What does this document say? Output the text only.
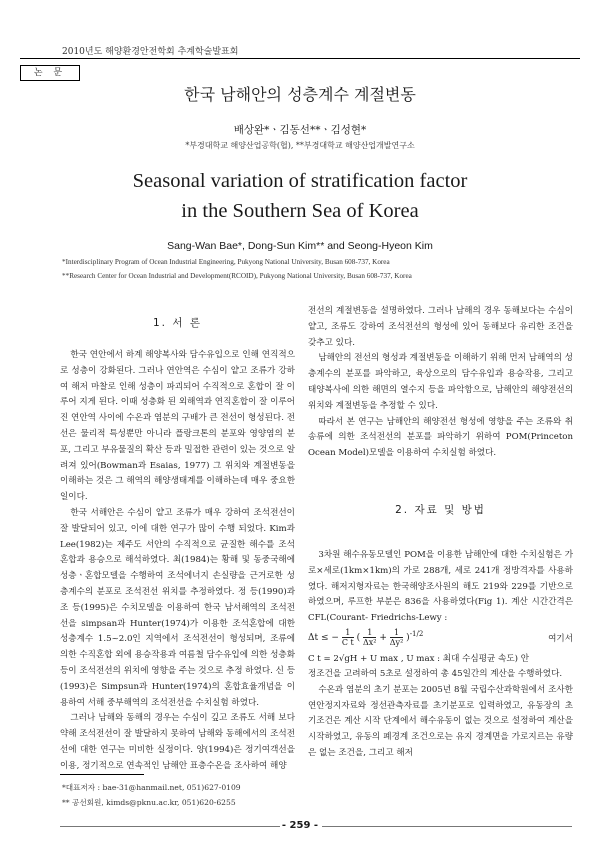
2010년도 해양환경안전학회 추계학술발표회
논 문
한국 남해안의 성층계수 계절변동
배상완*ㆍ김동선**ㆍ김성현*
*부경대학교 해양산업공학(협), **부경대학교 해양산업개발연구소
Seasonal variation of stratification factor
in the Southern Sea of Korea
Sang-Wan Bae*, Dong-Sun Kim** and Seong-Hyeon Kim
*Interdisciplinary Program of Ocean Industrial Engineering, Pukyong National University, Busan 608-737, Korea
**Research Center for Ocean Industrial and Development(RCOID), Pukyong National University, Busan 608-737, Korea
1. 서 론

한국 연안에서 하계 해양복사와 담수유입으로 인해 연직적으로 성층이 강화된다. 그러나 연안역은 수심이 얕고 조류가 강하여 해저 마찰로 인해 성층이 파괴되어 수직적으로 혼합이 잘 이루어 지게 된다. 이때 성층화 된 외해역과 연직혼합이 잘 이루어진 연안역 사이에 수온과 염분의 구배가 큰 전선이 형성된다. 전선은 물리적 특성뿐만 아니라 플랑크톤의 분포와 영양염의 분포, 그리고 부유물질의 확산 등과 밀접한 관련이 있는 것으로 알려져 있어(Bowman과 Esaias, 1977) 그 위치와 계절변동을 이해하는 것은 그 해역의 해양생태계를 이해하는데 매우 중요한 일이다.

한국 서해안은 수심이 얕고 조류가 매우 강하여 조석전선이 잘 발달되어 있고, 이에 대한 연구가 많이 수행 되었다. Kim과 Lee(1982)는 제주도 서안의 수직적으로 균질한 해수를 조석혼합과 용승으로 해석하였다. 최(1984)는 황해 및 동중국해에 성층ㆍ혼합모델을 수행하여 조석에너지 손실량을 근거로한 성층계수의 분포로 조석전선 위치를 추정하였다. 정 등(1990)과 조 등(1995)은 수치모델을 이용하여 한국 남서해역의 조석전선을 simpsan과 Hunter(1974)가 이용한 조석혼합에 대한 성층계수 1.5~2.0인 지역에서 조석전선이 형성되며, 조류에 의한 수직혼합 외에 용승작용과 여름철 담수유입에 의한 성층화 등이 조석전선의 위치에 영향을 주는 것으로 추정 하였다. 신 등(1993)은 Simpsun과 Hunter(1974)의 혼합효율개념을 이용하여 서해 중부해역의 조석전선을 수치실험 하였다.

그러나 남해와 동해의 경우는 수심이 깊고 조류도 서해 보다 약해 조석전선이 잘 발달하지 못하여 남해와 동해에서의 조석전선에 대한 연구는 미비한 실정이다. 양(1994)은 정기여객선을 이용, 정기적으로 연속적인 남해안 표층수온을 조사하여 해양

전선의 계절변동을 설명하였다. 그러나 남해의 경우 동해보다는 수심이 얕고, 조류도 강하여 조석전선의 형성에 있어 동해보다 유리한 조건을 갖추고 있다.

남해안의 전선의 형성과 계절변동을 이해하기 위해 먼저 남해역의 성층계수의 분포를 파악하고, 육상으로의 담수유입과 용승작용, 그리고 태양복사에 의한 해면의 열수지 등을 파악함으로, 남해안의 해양전선의 위치와 계절변동을 추정할 수 있다.

따라서 본 연구는 남해안의 해양전선 형성에 영향을 주는 조류와 취송류에 의한 조석전선의 분포를 파악하기 위하여 POM(Princeton Ocean Model)모델을 이용하여 수치실험 하였다.

2. 자료 및 방법

3차원 해수유동모델인 POM을 이용한 남해안에 대한 수치실험은 가로×세로(1km×1km)의 가로 288개, 세로 241개 정방격자를 사용하였다. 해저지형자료는 한국해양조사원의 해도 219와 229를 기반으로 하였으며, 루프한 부분은 836을 사용하였다(Fig 1). 계산 시간간격은 CFL(Courant- Friedrichs-Lewy :

Δt ≤ − $\frac{1}{\text{C t}}$ ( $\frac{1}{\text{Δx²}} + \frac{1}{\text{Δy²}} )^{-1/2}$	여기서
C t = 2√gH + U max , U max : 최대 수심평균 속도) 안

정조건을 고려하여 5초로 설정하여 총 45일간의 계산을 수행하였다.

수온과 염분의 초기 분포는 2005년 8월 국립수산과학원에서 조사한 연안정지자료와 정선관측자료를 초기분포로 입력하였고, 유동장의 초기조건은 계산 시작 단계에서 해수유동이 없는 것으로 설정하여 계산을 시작하였고, 유동의 폐경계 조건으로는 유지 경계면을 가로지르는 유량은 없는 조건을, 그리고 해저

*대표저자 : bae-31@hanmail.net, 051)627-0109
** 공선회원, kimds@pknu.ac.kr, 051)620-6255
- 259 -
